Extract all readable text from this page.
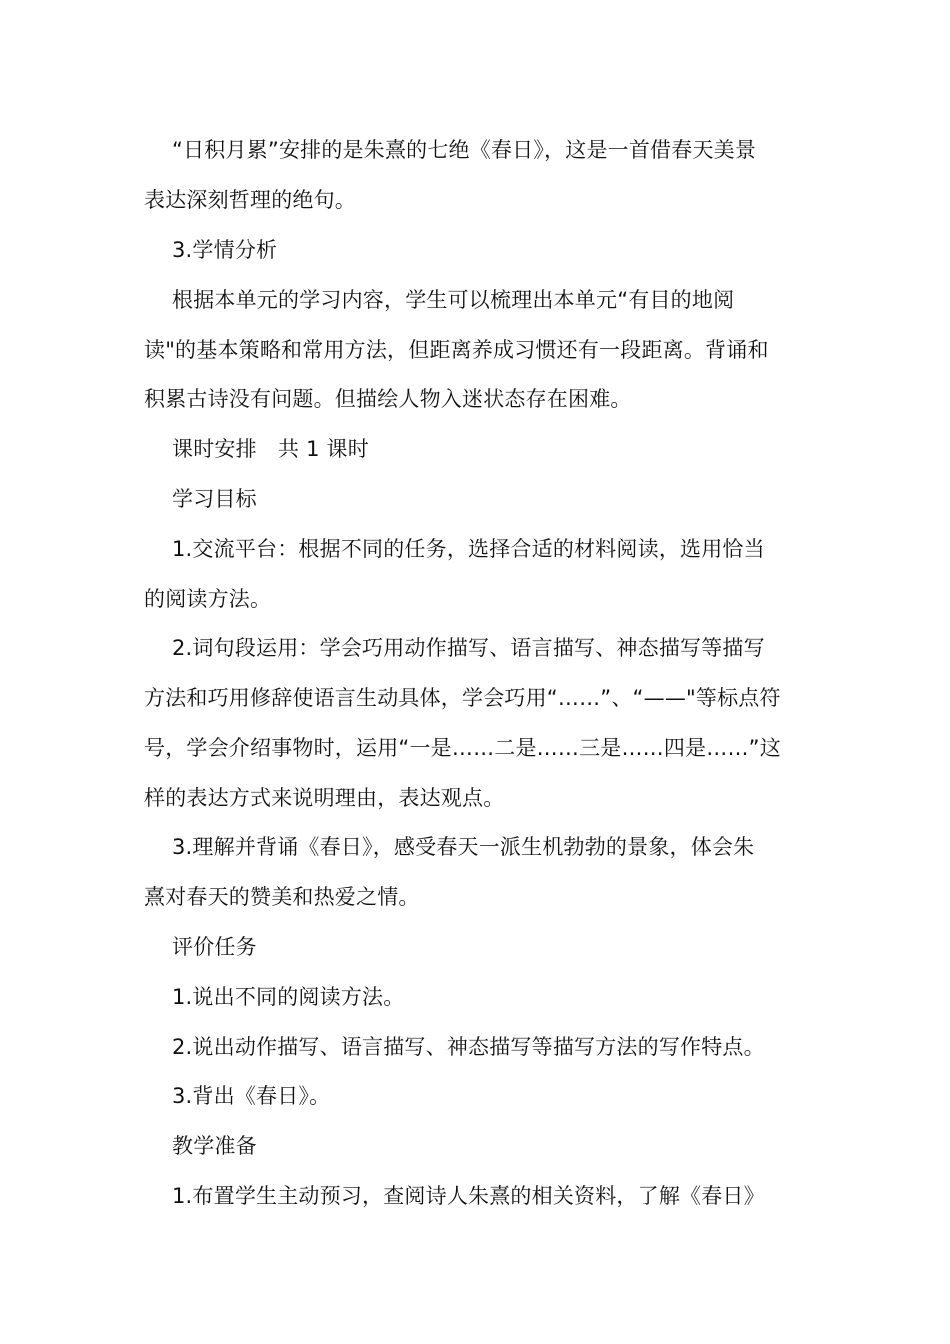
“日积月累”安排的是朱熹的七绝《春日》，这是一首借春天美景
表达深刻哲理的绝句。
3.学情分析
根据本单元的学习内容，学生可以梳理出本单元“有目的地阅
读"的基本策略和常用方法，但距离养成习惯还有一段距离。背诵和
积累古诗没有问题。但描绘人物入迷状态存在困难。
课时安排　共 1 课时
学习目标
1.交流平台：根据不同的任务，选择合适的材料阅读，选用恰当
的阅读方法。
2.词句段运用：学会巧用动作描写、语言描写、神态描写等描写
方法和巧用修辞使语言生动具体，学会巧用“……”、“——"等标点符
号，学会介绍事物时，运用“一是……二是……三是……四是……”这
样的表达方式来说明理由，表达观点。
3.理解并背诵《春日》，感受春天一派生机勃勃的景象，体会朱
熹对春天的赞美和热爱之情。
评价任务
1.说出不同的阅读方法。
2.说出动作描写、语言描写、神态描写等描写方法的写作特点。
3.背出《春日》。
教学准备
1.布置学生主动预习，查阅诗人朱熹的相关资料，了解《春日》
